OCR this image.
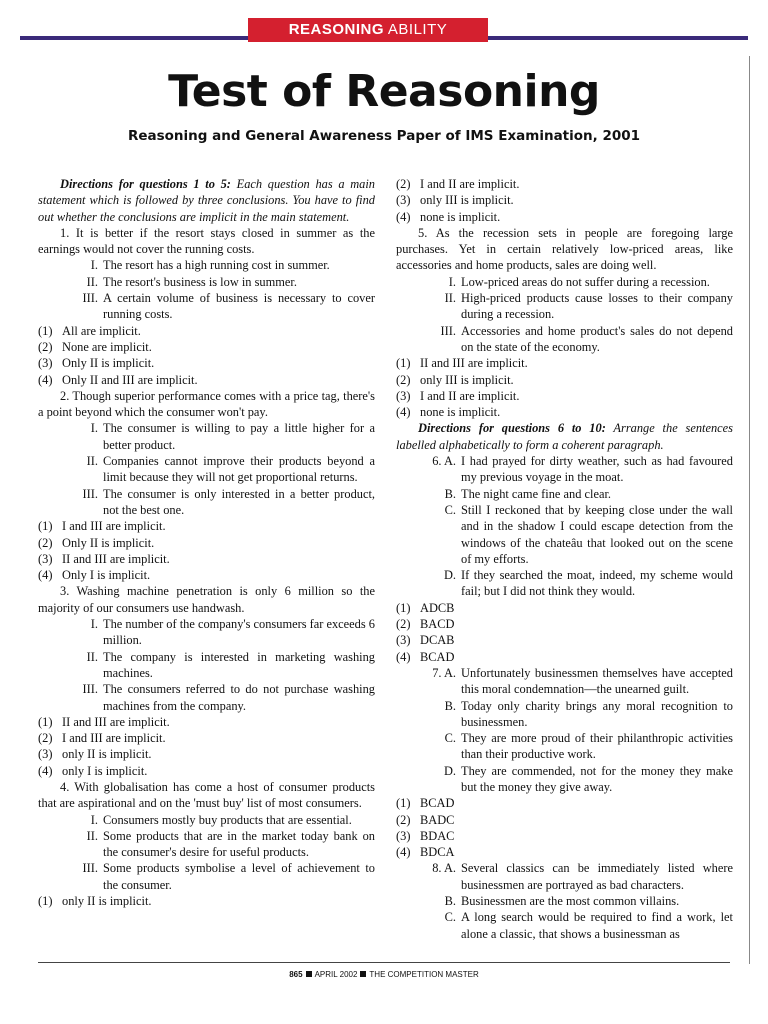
REASONING ABILITY
Test of Reasoning
Reasoning and General Awareness Paper of IMS Examination, 2001

Directions for questions 1 to 5: Each question has a main statement which is followed by three conclusions. You have to find out whether the conclusions are implicit in the main statement.

1. It is better if the resort stays closed in summer as the earnings would not cover the running costs.

I. The resort has a high running cost in summer.
II. The resort's business is low in summer.
III. A certain volume of business is necessary to cover running costs.

(1) All are implicit.

(2) None are implicit.

(3) Only II is implicit.

(4) Only II and III are implicit.

2. Though superior performance comes with a price tag, there's a point beyond which the consumer won't pay.

I. The consumer is willing to pay a little higher for a better product.
II. Companies cannot improve their products beyond a limit because they will not get proportional returns.
III. The consumer is only interested in a better product, not the best one.

(1) I and III are implicit.

(2) Only II is implicit.

(3) II and III are implicit.

(4) Only I is implicit.

3. Washing machine penetration is only 6 million so the majority of our consumers use handwash.

I. The number of the company's consumers far exceeds 6 million.
II. The company is interested in marketing washing machines.
III. The consumers referred to do not purchase washing machines from the company.

(1) II and III are implicit.

(2) I and III are implicit.

(3) only II is implicit.

(4) only I is implicit.

4. With globalisation has come a host of consumer products that are aspirational and on the 'must buy' list of most consumers.

I. Consumers mostly buy products that are essential.
II. Some products that are in the market today bank on the consumer's desire for useful products.
III. Some products symbolise a level of achievement to the consumer.

(1) only II is implicit.

(2) I and II are implicit.

(3) only III is implicit.

(4) none is implicit.

5. As the recession sets in people are foregoing large purchases. Yet in certain relatively low-priced areas, like accessories and home products, sales are doing well.

I. Low-priced areas do not suffer during a recession.
II. High-priced products cause losses to their company during a recession.
III. Accessories and home product's sales do not depend on the state of the economy.

(1) II and III are implicit.

(2) only III is implicit.

(3) I and II are implicit.

(4) none is implicit.

Directions for questions 6 to 10: Arrange the sentences labelled alphabetically to form a coherent paragraph.

6. A. I had prayed for dirty weather, such as had favoured my previous voyage in the moat.
B. The night came fine and clear.
C. Still I reckoned that by keeping close under the wall and in the shadow I could escape detection from the windows of the chateâu that looked out on the scene of my efforts.
D. If they searched the moat, indeed, my scheme would fail; but I did not think they would.

(1) ADCB

(2) BACD

(3) DCAB

(4) BCAD

7. A. Unfortunately businessmen themselves have accepted this moral condemnation—the unearned guilt.
B. Today only charity brings any moral recognition to businessmen.
C. They are more proud of their philanthropic activities than their productive work.
D. They are commended, not for the money they make but the money they give away.

(1) BCAD

(2) BADC

(3) BDAC

(4) BDCA

8. A. Several classics can be immediately listed where businessmen are portrayed as bad characters.
B. Businessmen are the most common villains.
C. A long search would be required to find a work, let alone a classic, that shows a businessman as
865 APRIL 2002 THE COMPETITION MASTER
